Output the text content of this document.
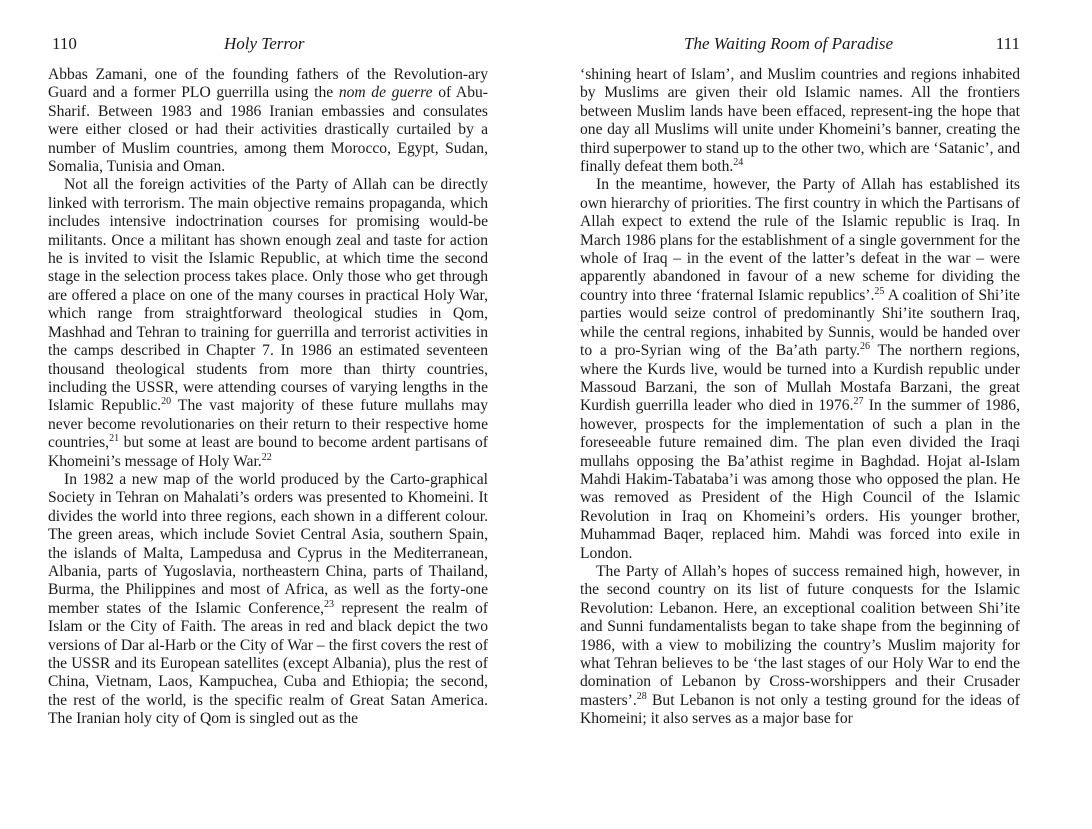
110	Holy Terror

Abbas Zamani, one of the founding fathers of the Revolution-ary Guard and a former PLO guerrilla using the nom de guerre of Abu-Sharif. Between 1983 and 1986 Iranian embassies and consulates were either closed or had their activities drastically curtailed by a number of Muslim countries, among them Morocco, Egypt, Sudan, Somalia, Tunisia and Oman.

Not all the foreign activities of the Party of Allah can be directly linked with terrorism. The main objective remains propaganda, which includes intensive indoctrination courses for promising would-be militants. Once a militant has shown enough zeal and taste for action he is invited to visit the Islamic Republic, at which time the second stage in the selection process takes place. Only those who get through are offered a place on one of the many courses in practical Holy War, which range from straightforward theological studies in Qom, Mashhad and Tehran to training for guerrilla and terrorist activities in the camps described in Chapter 7. In 1986 an estimated seventeen thousand theological students from more than thirty countries, including the USSR, were attending courses of varying lengths in the Islamic Republic.$^{20}$ The vast majority of these future mullahs may never become revolutionaries on their return to their respective home countries,$^{21}$ but some at least are bound to become ardent partisans of Khomeini’s message of Holy War.$^{22}$

In 1982 a new map of the world produced by the Carto-graphical Society in Tehran on Mahalati’s orders was presented to Khomeini. It divides the world into three regions, each shown in a different colour. The green areas, which include Soviet Central Asia, southern Spain, the islands of Malta, Lampedusa and Cyprus in the Mediterranean, Albania, parts of Yugoslavia, northeastern China, parts of Thailand, Burma, the Philippines and most of Africa, as well as the forty-one member states of the Islamic Conference,$^{23}$ represent the realm of Islam or the City of Faith. The areas in red and black depict the two versions of Dar al-Harb or the City of War – the first covers the rest of the USSR and its European satellites (except Albania), plus the rest of China, Vietnam, Laos, Kampuchea, Cuba and Ethiopia; the second, the rest of the world, is the specific realm of Great Satan America. The Iranian holy city of Qom is singled out as the

The Waiting Room of Paradise	111

‘shining heart of Islam’, and Muslim countries and regions inhabited by Muslims are given their old Islamic names. All the frontiers between Muslim lands have been effaced, represent-ing the hope that one day all Muslims will unite under Khomeini’s banner, creating the third superpower to stand up to the other two, which are ‘Satanic’, and finally defeat them both.$^{24}$

In the meantime, however, the Party of Allah has established its own hierarchy of priorities. The first country in which the Partisans of Allah expect to extend the rule of the Islamic republic is Iraq. In March 1986 plans for the establishment of a single government for the whole of Iraq – in the event of the latter’s defeat in the war – were apparently abandoned in favour of a new scheme for dividing the country into three ‘fraternal Islamic republics’.$^{25}$ A coalition of Shi’ite parties would seize control of predominantly Shi’ite southern Iraq, while the central regions, inhabited by Sunnis, would be handed over to a pro-Syrian wing of the Ba’ath party.$^{26}$ The northern regions, where the Kurds live, would be turned into a Kurdish republic under Massoud Barzani, the son of Mullah Mostafa Barzani, the great Kurdish guerrilla leader who died in 1976.27 In the summer of 1986, however, prospects for the implementation of such a plan in the foreseeable future remained dim. The plan even divided the Iraqi mullahs opposing the Ba’athist regime in Baghdad. Hojat al-Islam Mahdi Hakim-Tabataba’i was among those who opposed the plan. He was removed as President of the High Council of the Islamic Revolution in Iraq on Khomeini’s orders. His younger brother, Muhammad Baqer, replaced him. Mahdi was forced into exile in London.

The Party of Allah’s hopes of success remained high, however, in the second country on its list of future conquests for the Islamic Revolution: Lebanon. Here, an exceptional coalition between Shi’ite and Sunni fundamentalists began to take shape from the beginning of 1986, with a view to mobilizing the country’s Muslim majority for what Tehran believes to be ‘the last stages of our Holy War to end the domination of Lebanon by Cross-worshippers and their Crusader masters’.$^{28}$ But Lebanon is not only a testing ground for the ideas of Khomeini; it also serves as a major base for
